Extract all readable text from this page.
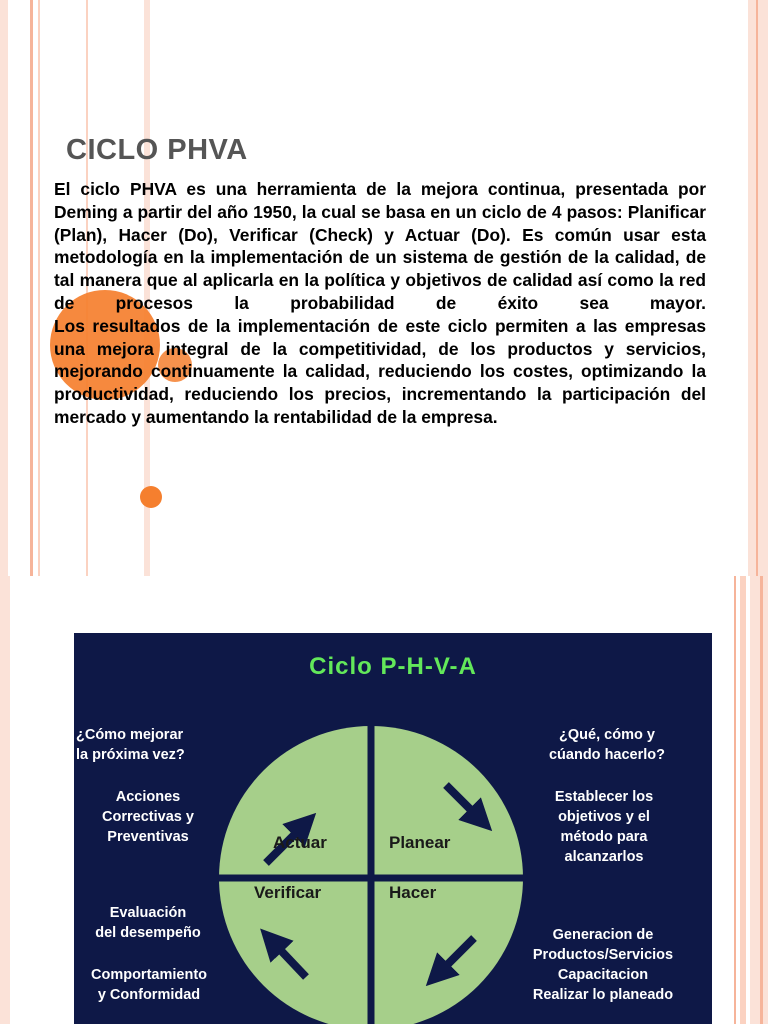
CICLO PHVA

El ciclo PHVA es una herramienta de la mejora continua, presentada por Deming a partir del año 1950, la cual se basa en un ciclo de 4 pasos: Planificar (Plan), Hacer (Do), Verificar (Check) y Actuar (Do). Es común usar esta metodología en la implementación de un sistema de gestión de la calidad, de tal manera que al aplicarla en la política y objetivos de calidad así como la red de procesos la probabilidad de éxito sea mayor.

Los resultados de la implementación de este ciclo permiten a las empresas una mejora integral de la competitividad, de los productos y servicios, mejorando continuamente la calidad, reduciendo los costes, optimizando la productividad, reduciendo los precios, incrementando la participación del mercado y aumentando la rentabilidad de la empresa.

Ciclo P-H-V-A
Actuar	Planear
Verificar	Hacer
¿Cómo mejorar
la próxima vez?
Acciones
Correctivas y
Preventivas
¿Qué, cómo y
cúando hacerlo?
Establecer los
objetivos y el
método para
alcanzarlos
Evaluación
del desempeño
Comportamiento
y Conformidad
Generacion de
Productos/Servicios
Capacitacion
Realizar lo planeado
